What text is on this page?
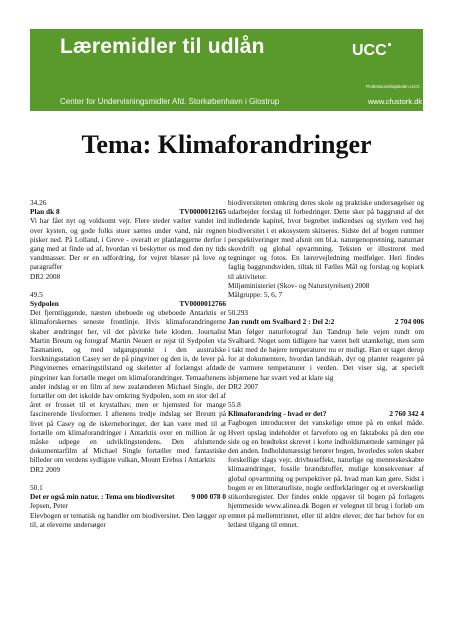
Læremidler til udlån	UCC
Professionshøjskolen UCC
Center for Undervisningsmidler Afd. Storkøbenhavn i Glostrup	www.cfustork.dk
Tema: Klimaforandringer
34.26
Plan dk 8	TV0000012165
Vi har fået nyt og voldsomt vejr. Flere steder vælter vandet ind over kysten, og gode folks stuer sættes under vand, når regnen pisker ned. På Lolland, i Greve - overalt er planlæggerne derfor i gang med at finde ud af, hvordan vi beskytter os mod den ny tids vandmasser. Der er en udfordring, for vejret blæser på love og paragraffer
DR2 2008
49.5
Sydpolen	TV0000012766
Det fjerntliggende, næsten ubeboede og ubeboede Antarktis er klimaforskernes seneste frontlinje. Hvis klimaforandringerne skaber ændringer her, vil det påvirke hele kloden. Journalist Martin Breum og fotograf Martin Neuert er rejst til Sydpolen via Tasmanien, og med udgangspunkt i den australske forskningsstation Casey ser de på pingviner og den is, de lever på. Pingvinernes ernæringstilstand og skeletter af forlængst afdøde pingviner kan fortælle meget om klimaforandringer. Temaaftenens andet indslag er en film af new zealænderen Michael Single, der fortæller om det iskolde hav omkring Sydpolen, som en stor del af året er frosset til et krystalhav, men er hjemsted for mange fascinerende livsformer. I aftenens tredje indslag ser Breum på livet på Casey og de iskerneboringer, der kan være med til at fortælle om klimaforandringer i Antarktis over en million år og måske udpege en udviklingstendens. Den afsluttende dokumentarfilm af Michael Single fortæller med fantastiske billeder om verdens sydligste vulkan, Mount Erebus i Antarktis
DR2 2009
50.1
Det er også min natur. : Tema om biodiversitet 9 000 078 0
Jepsen, Peter
Elevbogen er tematisk og handler om biodiversitet. Den lægger op til, at eleverne undersøger
biodiversiteten omkring deres skole og praktiske undersøgelser og udarbejder forslag til forbedringer. Dette sker på baggrund af det indledende kapitel, hvor begrebet indkredses og styrken ved høj biodiversitet i et økosystem skitseres. Sidste del af bogen rummer perspektiveringer med afsnit om bl.a. naturgenopretning, naturnær skovdrift og global opvarmning. Teksten er illustreret med tegninger og fotos. En lærervejledning medfølger. Heri findes faglig baggrundsviden, tiltak til Fælles Mål og forslag og kopiark til aktiviteter.
Miljøministeriet (Skov- og Naturstyrelsen) 2008
Målgruppe: 5, 6, 7
50.293
Jan rundt om Svalbard 2 : Del 2:2	2 704 006
Man følger naturfotograf Jan Tandrup hele vejen rundt om Svalbard. Noget som tidligere har været helt utænkeligt, men som i takt med de højere temperaturer nu er muligt. Han er taget derop for at dokumentere, hvordan landskab, dyr og planter reagerer på de varmere temperaturer i verden. Det viser sig, at specielt isbjørnene har svært ved at klare sig
DR2 2007
55.8
Klimaforandring - hvad er det?	2 760 342 4
Fagbogen introducerer det vanskelige emne på en enkel måde. Hvert opslag indeholder et farvefoto og en faktaboks på den ene side og en brødtekst skrevet i korte indholdsmættede sætninger på den anden. Indholdsmæssigt berører bogen, hvorledes solen skaber forskellige slags vejr, drivhuseffekt, naturlige og menneskeskabte klimaændringer, fossile brændstoffer, mulige konsekvenser af global opvarmning og perspektiver på, hvad man kan gøre. Sidst i bogen er en litteraturliste, nogle ordforklaringer og et overskueligt stikordsregister. Der findes enkle opgaver til bogen på forlagets hjemmeside www.alinea.dk Bogen er velegnet til brug i forløb om emnet på mellemtrinnet, eller til ældre elever, der har behov for en letlæst tilgang til emnet.
